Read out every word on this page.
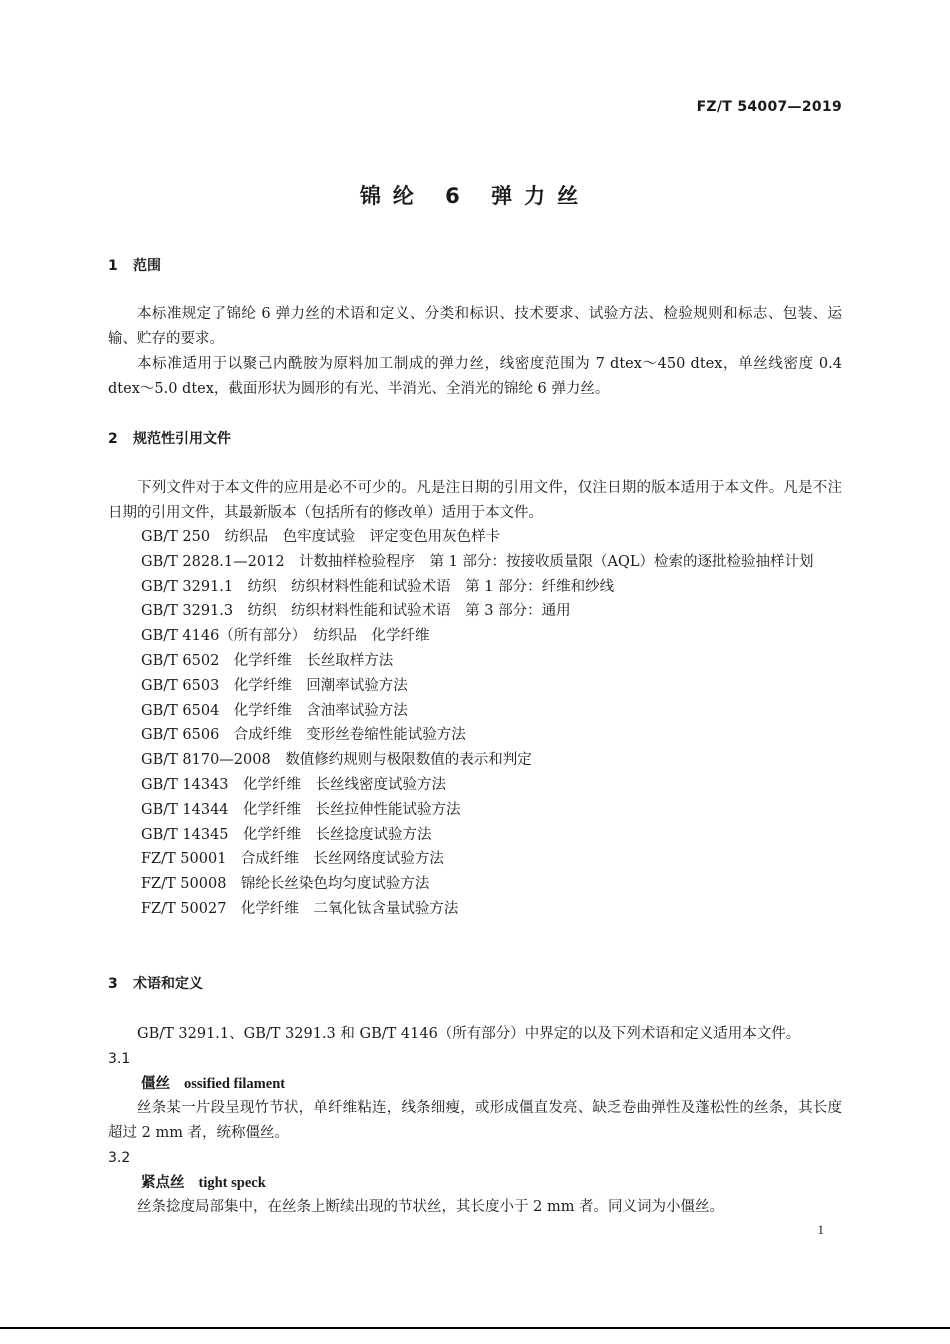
FZ/T 54007—2019
锦纶 6 弹力丝
1 范围
本标准规定了锦纶 6 弹力丝的术语和定义、分类和标识、技术要求、试验方法、检验规则和标志、包装、运输、贮存的要求。
本标准适用于以聚己内酰胺为原料加工制成的弹力丝，线密度范围为 7 dtex～450 dtex，单丝线密度 0.4 dtex～5.0 dtex，截面形状为圆形的有光、半消光、全消光的锦纶 6 弹力丝。
2 规范性引用文件
下列文件对于本文件的应用是必不可少的。凡是注日期的引用文件，仅注日期的版本适用于本文件。凡是不注日期的引用文件，其最新版本（包括所有的修改单）适用于本文件。
GB/T 250　纺织品　色牢度试验　评定变色用灰色样卡
GB/T 2828.1—2012　计数抽样检验程序　第 1 部分：按接收质量限（AQL）检索的逐批检验抽样计划
GB/T 3291.1　纺织　纺织材料性能和试验术语　第 1 部分：纤维和纱线
GB/T 3291.3　纺织　纺织材料性能和试验术语　第 3 部分：通用
GB/T 4146（所有部分）　纺织品　化学纤维
GB/T 6502　化学纤维　长丝取样方法
GB/T 6503　化学纤维　回潮率试验方法
GB/T 6504　化学纤维　含油率试验方法
GB/T 6506　合成纤维　变形丝卷缩性能试验方法
GB/T 8170—2008　数值修约规则与极限数值的表示和判定
GB/T 14343　化学纤维　长丝线密度试验方法
GB/T 14344　化学纤维　长丝拉伸性能试验方法
GB/T 14345　化学纤维　长丝捻度试验方法
FZ/T 50001　合成纤维　长丝网络度试验方法
FZ/T 50008　锦纶长丝染色均匀度试验方法
FZ/T 50027　化学纤维　二氧化钛含量试验方法
3 术语和定义
GB/T 3291.1、GB/T 3291.3 和 GB/T 4146（所有部分）中界定的以及下列术语和定义适用本文件。
3.1
僵丝 ossified filament
丝条某一片段呈现竹节状，单纤维粘连，线条细瘦，或形成僵直发亮、缺乏卷曲弹性及蓬松性的丝条，其长度超过 2 mm 者，统称僵丝。
3.2
紧点丝 tight speck
丝条捻度局部集中，在丝条上断续出现的节状丝，其长度小于 2 mm 者。同义词为小僵丝。
1
